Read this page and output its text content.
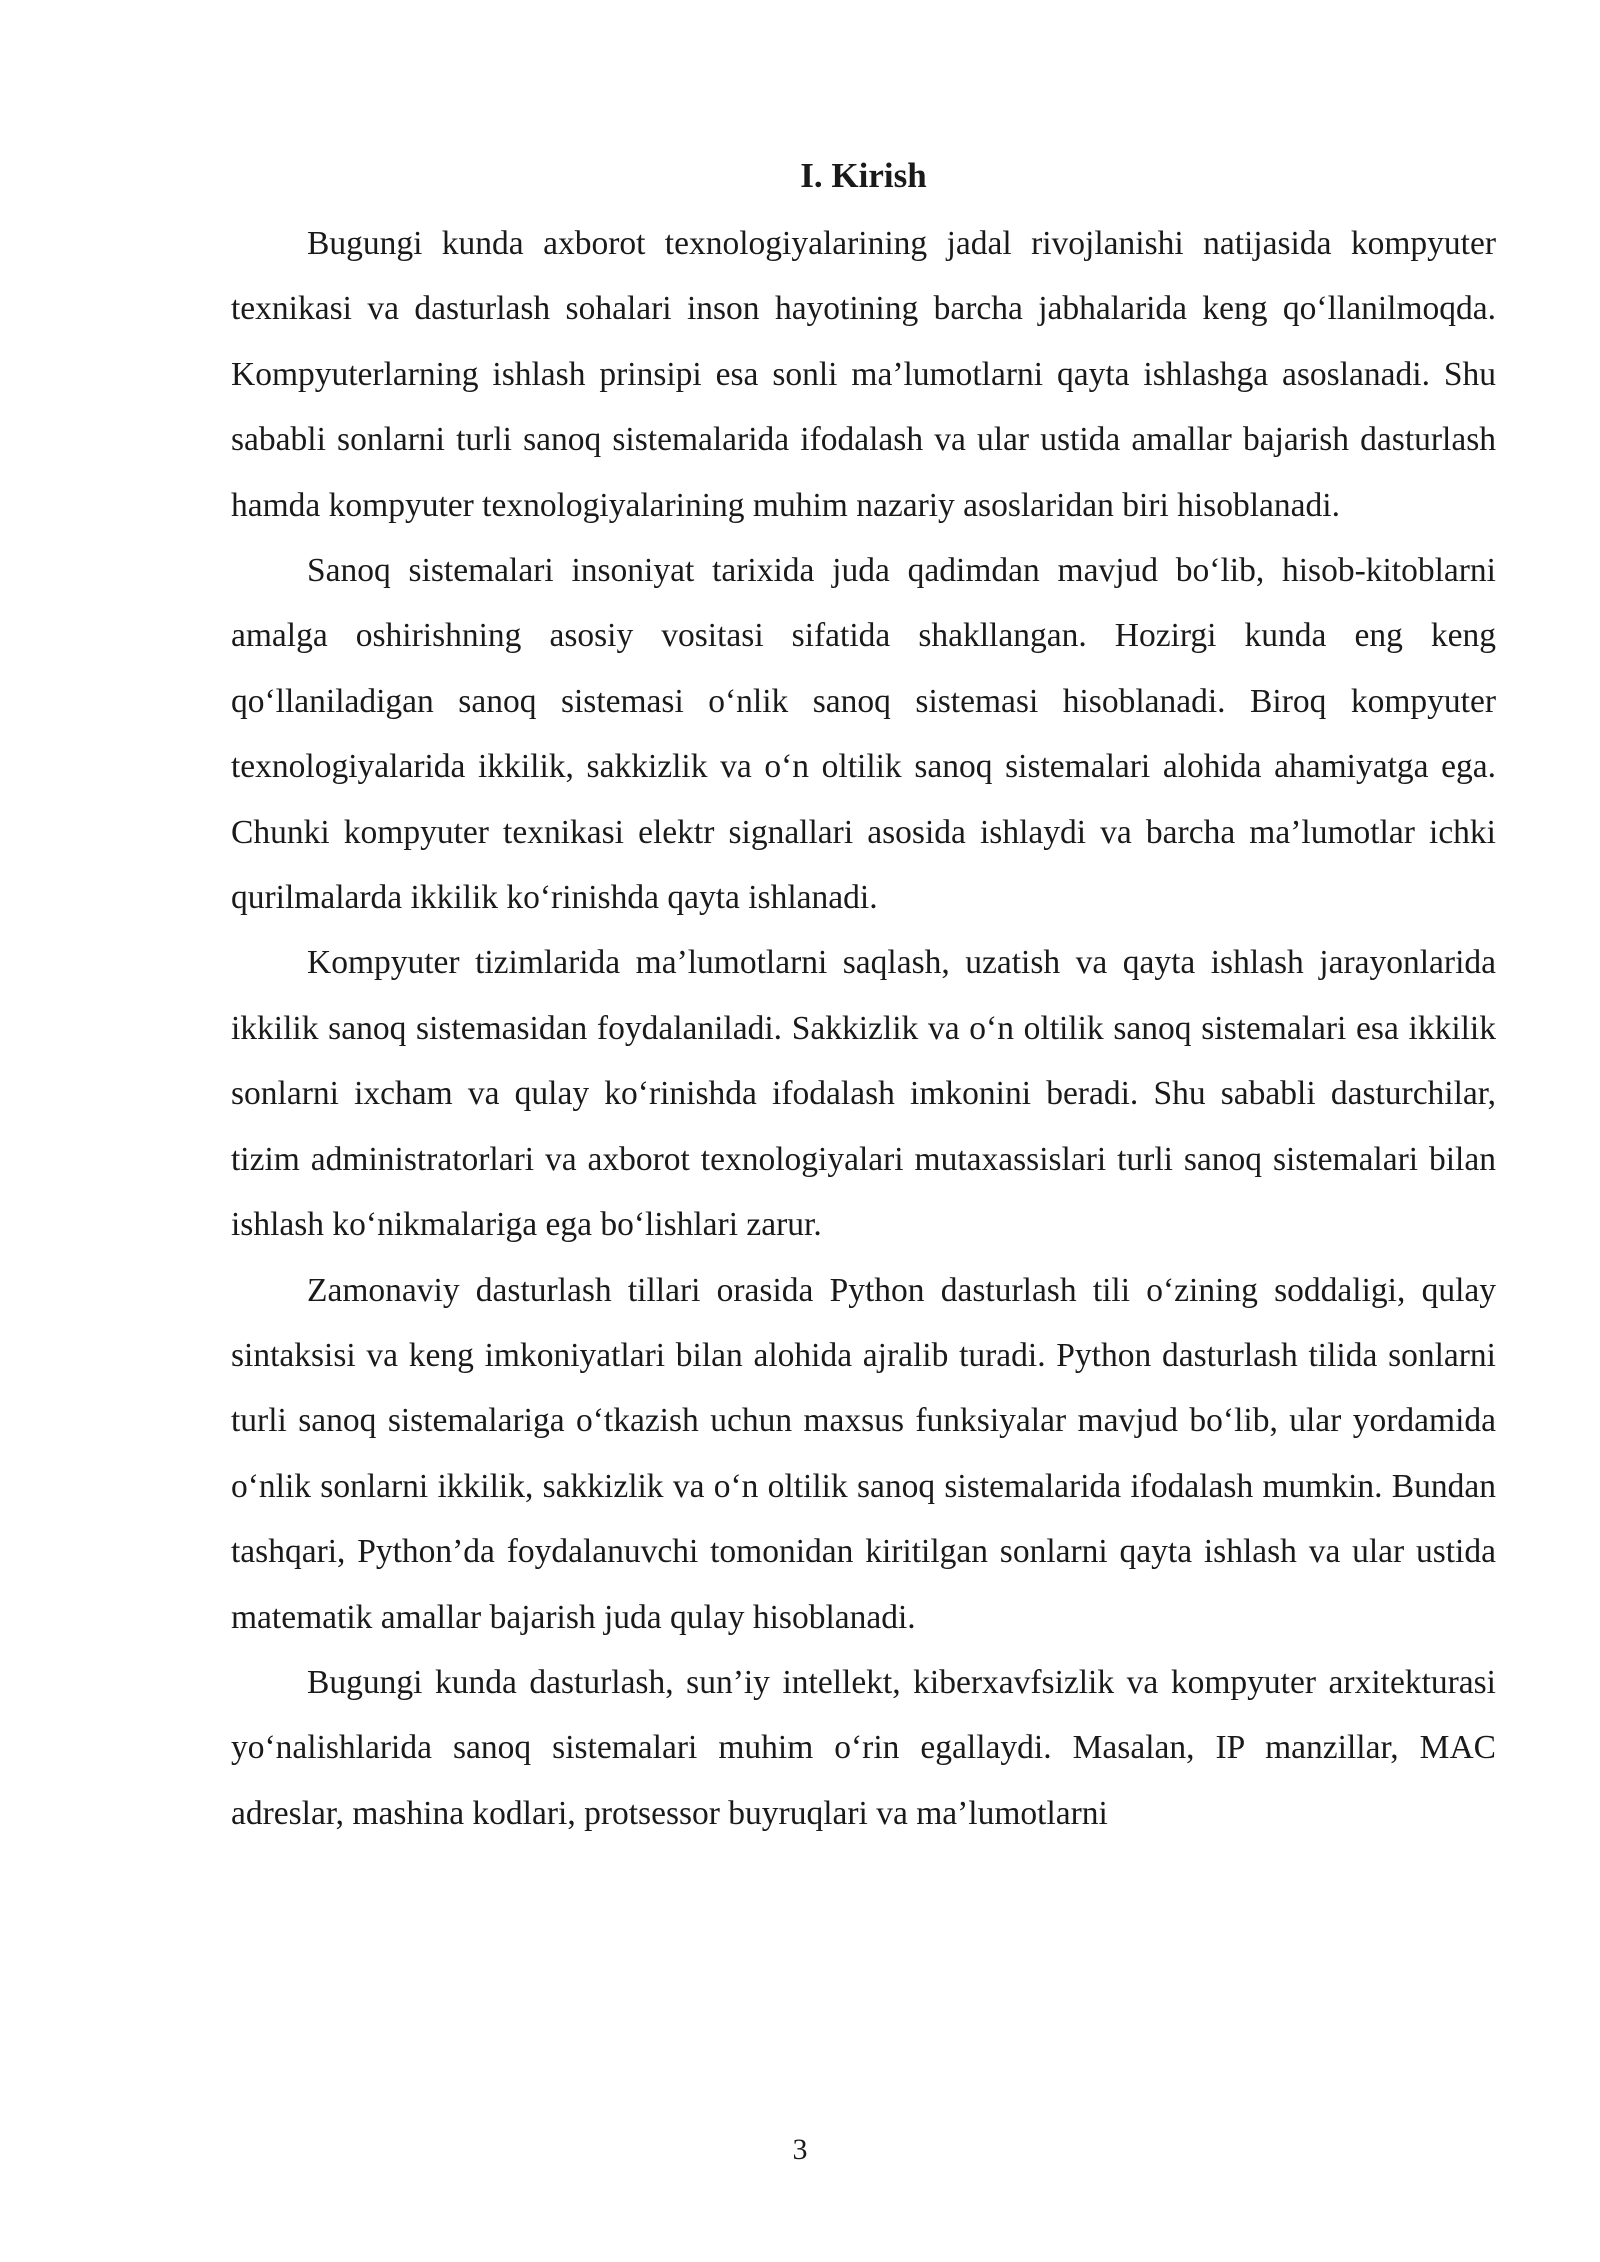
I. Kirish

Bugungi kunda axborot texnologiyalarining jadal rivojlanishi natijasida kompyuter texnikasi va dasturlash sohalari inson hayotining barcha jabhalarida keng qo‘llanilmoqda. Kompyuterlarning ishlash prinsipi esa sonli ma’lumotlarni qayta ishlashga asoslanadi. Shu sababli sonlarni turli sanoq sistemalarida ifodalash va ular ustida amallar bajarish dasturlash hamda kompyuter texnologiyalarining muhim nazariy asoslaridan biri hisoblanadi.

Sanoq sistemalari insoniyat tarixida juda qadimdan mavjud bo‘lib, hisob-kitoblarni amalga oshirishning asosiy vositasi sifatida shakllangan. Hozirgi kunda eng keng qo‘llaniladigan sanoq sistemasi o‘nlik sanoq sistemasi hisoblanadi. Biroq kompyuter texnologiyalarida ikkilik, sakkizlik va o‘n oltilik sanoq sistemalari alohida ahamiyatga ega. Chunki kompyuter texnikasi elektr signallari asosida ishlaydi va barcha ma’lumotlar ichki qurilmalarda ikkilik ko‘rinishda qayta ishlanadi.

Kompyuter tizimlarida ma’lumotlarni saqlash, uzatish va qayta ishlash jarayonlarida ikkilik sanoq sistemasidan foydalaniladi. Sakkizlik va o‘n oltilik sanoq sistemalari esa ikkilik sonlarni ixcham va qulay ko‘rinishda ifodalash imkonini beradi. Shu sababli dasturchilar, tizim administratorlari va axborot texnologiyalari mutaxassislari turli sanoq sistemalari bilan ishlash ko‘nikmalariga ega bo‘lishlari zarur.

Zamonaviy dasturlash tillari orasida Python dasturlash tili o‘zining soddaligi, qulay sintaksisi va keng imkoniyatlari bilan alohida ajralib turadi. Python dasturlash tilida sonlarni turli sanoq sistemalariga o‘tkazish uchun maxsus funksiyalar mavjud bo‘lib, ular yordamida o‘nlik sonlarni ikkilik, sakkizlik va o‘n oltilik sanoq sistemalarida ifodalash mumkin. Bundan tashqari, Python’da foydalanuvchi tomonidan kiritilgan sonlarni qayta ishlash va ular ustida matematik amallar bajarish juda qulay hisoblanadi.

Bugungi kunda dasturlash, sun’iy intellekt, kiberxavfsizlik va kompyuter arxitekturasi yo‘nalishlarida sanoq sistemalari muhim o‘rin egallaydi. Masalan, IP manzillar, MAC adreslar, mashina kodlari, protsessor buyruqlari va ma’lumotlarni

3
